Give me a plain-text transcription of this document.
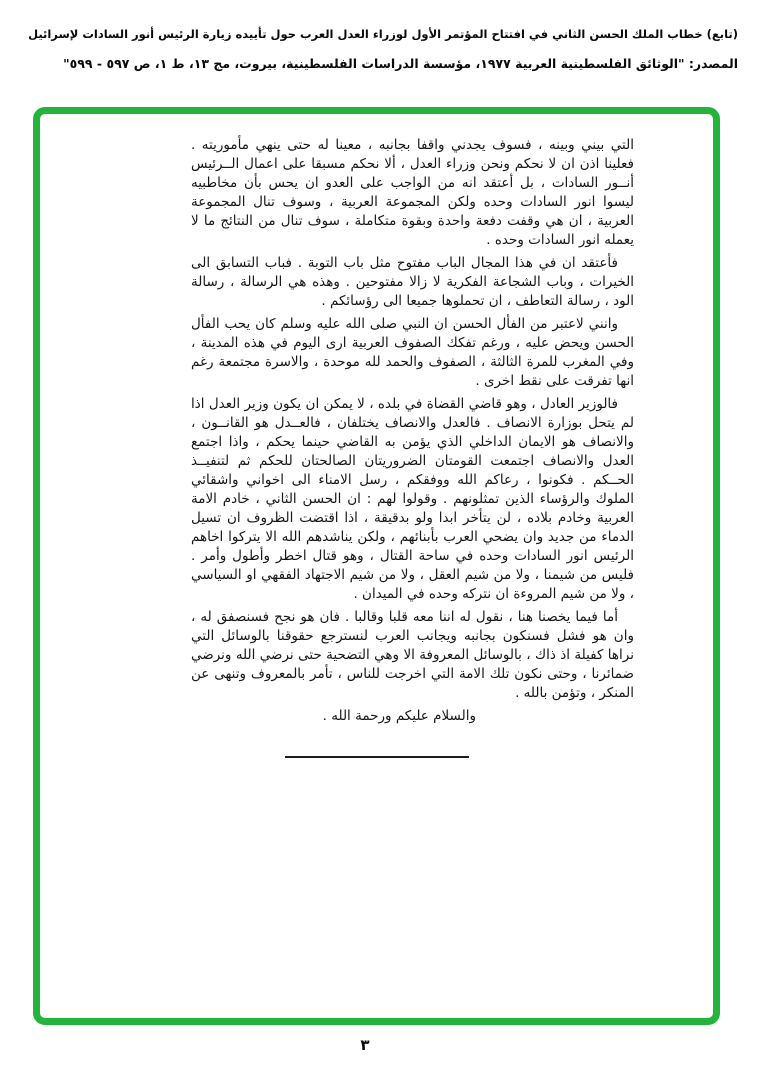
(تابع) خطاب الملك الحسن الثاني في افتتاح المؤتمر الأول لوزراء العدل العرب حول تأييده زيارة الرئيس أنور السادات لإسرائيل
المصدر: "الوثائق الفلسطينية العربية ١٩٧٧، مؤسسة الدراسات الفلسطينية، بيروت، مج ١٣، ط ١، ص ٥٩٧ - ٥٩٩"

التي بيني وبينه ، فسوف يجدني واقفا بجانبه ، معينا له حتى ينهي مأموريته . فعلينا اذن ان لا نحكم ونحن وزراء العدل ، ألا نحكم مسبقا على اعمال الــرئيس أنــور السادات ، بل أعتقد انه من الواجب على العدو ان يحس بأن مخاطبيه ليسوا انور السادات وحده ولكن المجموعة العربية ، وسوف تنال المجموعة العربية ، ان هي وقفت دفعة واحدة وبقوة متكاملة ، سوف تنال من النتائج ما لا يعمله انور السادات وحده .

فأعتقد ان في هذا المجال الباب مفتوح مثل باب التوبة . فباب التسابق الى الخيرات ، وباب الشجاعة الفكرية لا زالا مفتوحين . وهذه هي الرسالة ، رسالة الود ، رسالة التعاطف ، ان تحملوها جميعا الى رؤسائكم .

وانني لاعتبر من الفأل الحسن ان النبي صلى الله عليه وسلم كان يحب الفأل الحسن ويحض عليه ، ورغم تفكك الصفوف العربية ارى اليوم في هذه المدينة ، وفي المغرب للمرة الثالثة ، الصفوف والحمد لله موحدة ، والاسرة مجتمعة رغم انها تفرقت على نقط اخرى .

فالوزير العادل ، وهو قاضي القضاة في بلده ، لا يمكن ان يكون وزير العدل اذا لم يتحل بوزارة الانصاف . فالعدل والانصاف يختلفان ، فالعــدل هو القانــون ، والانصاف هو الايمان الداخلي الذي يؤمن به القاضي حينما يحكم ، واذا اجتمع العدل والانصاف اجتمعت القومتان الضروريتان الصالحتان للحكم ثم لتنفيــذ الحــكم . فكونوا ، رعاكم الله ووفقكم ، رسل الامناء الى اخواني واشقائي الملوك والرؤساء الذين تمثلونهم . وقولوا لهم : ان الحسن الثاني ، خادم الامة العربية وخادم بلاده ، لن يتأخر ابدا ولو بدقيقة ، اذا اقتضت الظروف ان تسيل الدماء من جديد وان يضحي العرب بأبنائهم ، ولكن يناشدهم الله الا يتركوا اخاهم الرئيس انور السادات وحده في ساحة القتال ، وهو قتال اخطر وأطول وأمر . فليس من شيمنا ، ولا من شيم العقل ، ولا من شيم الاجتهاد الفقهي او السياسي ، ولا من شيم المروءة ان نتركه وحده في الميدان .

أما فيما يخصنا هنا ، نقول له اننا معه قلبا وقالبا . فان هو نجح فسنصفق له ، وان هو فشل فسنكون بجانبه ويجانب العرب لنسترجع حقوقنا بالوسائل التي نراها كفيلة اذ ذاك ، بالوسائل المعروفة الا وهي التضحية حتى نرضي الله ونرضي ضمائرنا ، وحتى نكون تلك الامة التي اخرجت للناس ، تأمر بالمعروف وتنهى عن المنكر ، وتؤمن بالله .

والسلام عليكم ورحمة الله .

٣
